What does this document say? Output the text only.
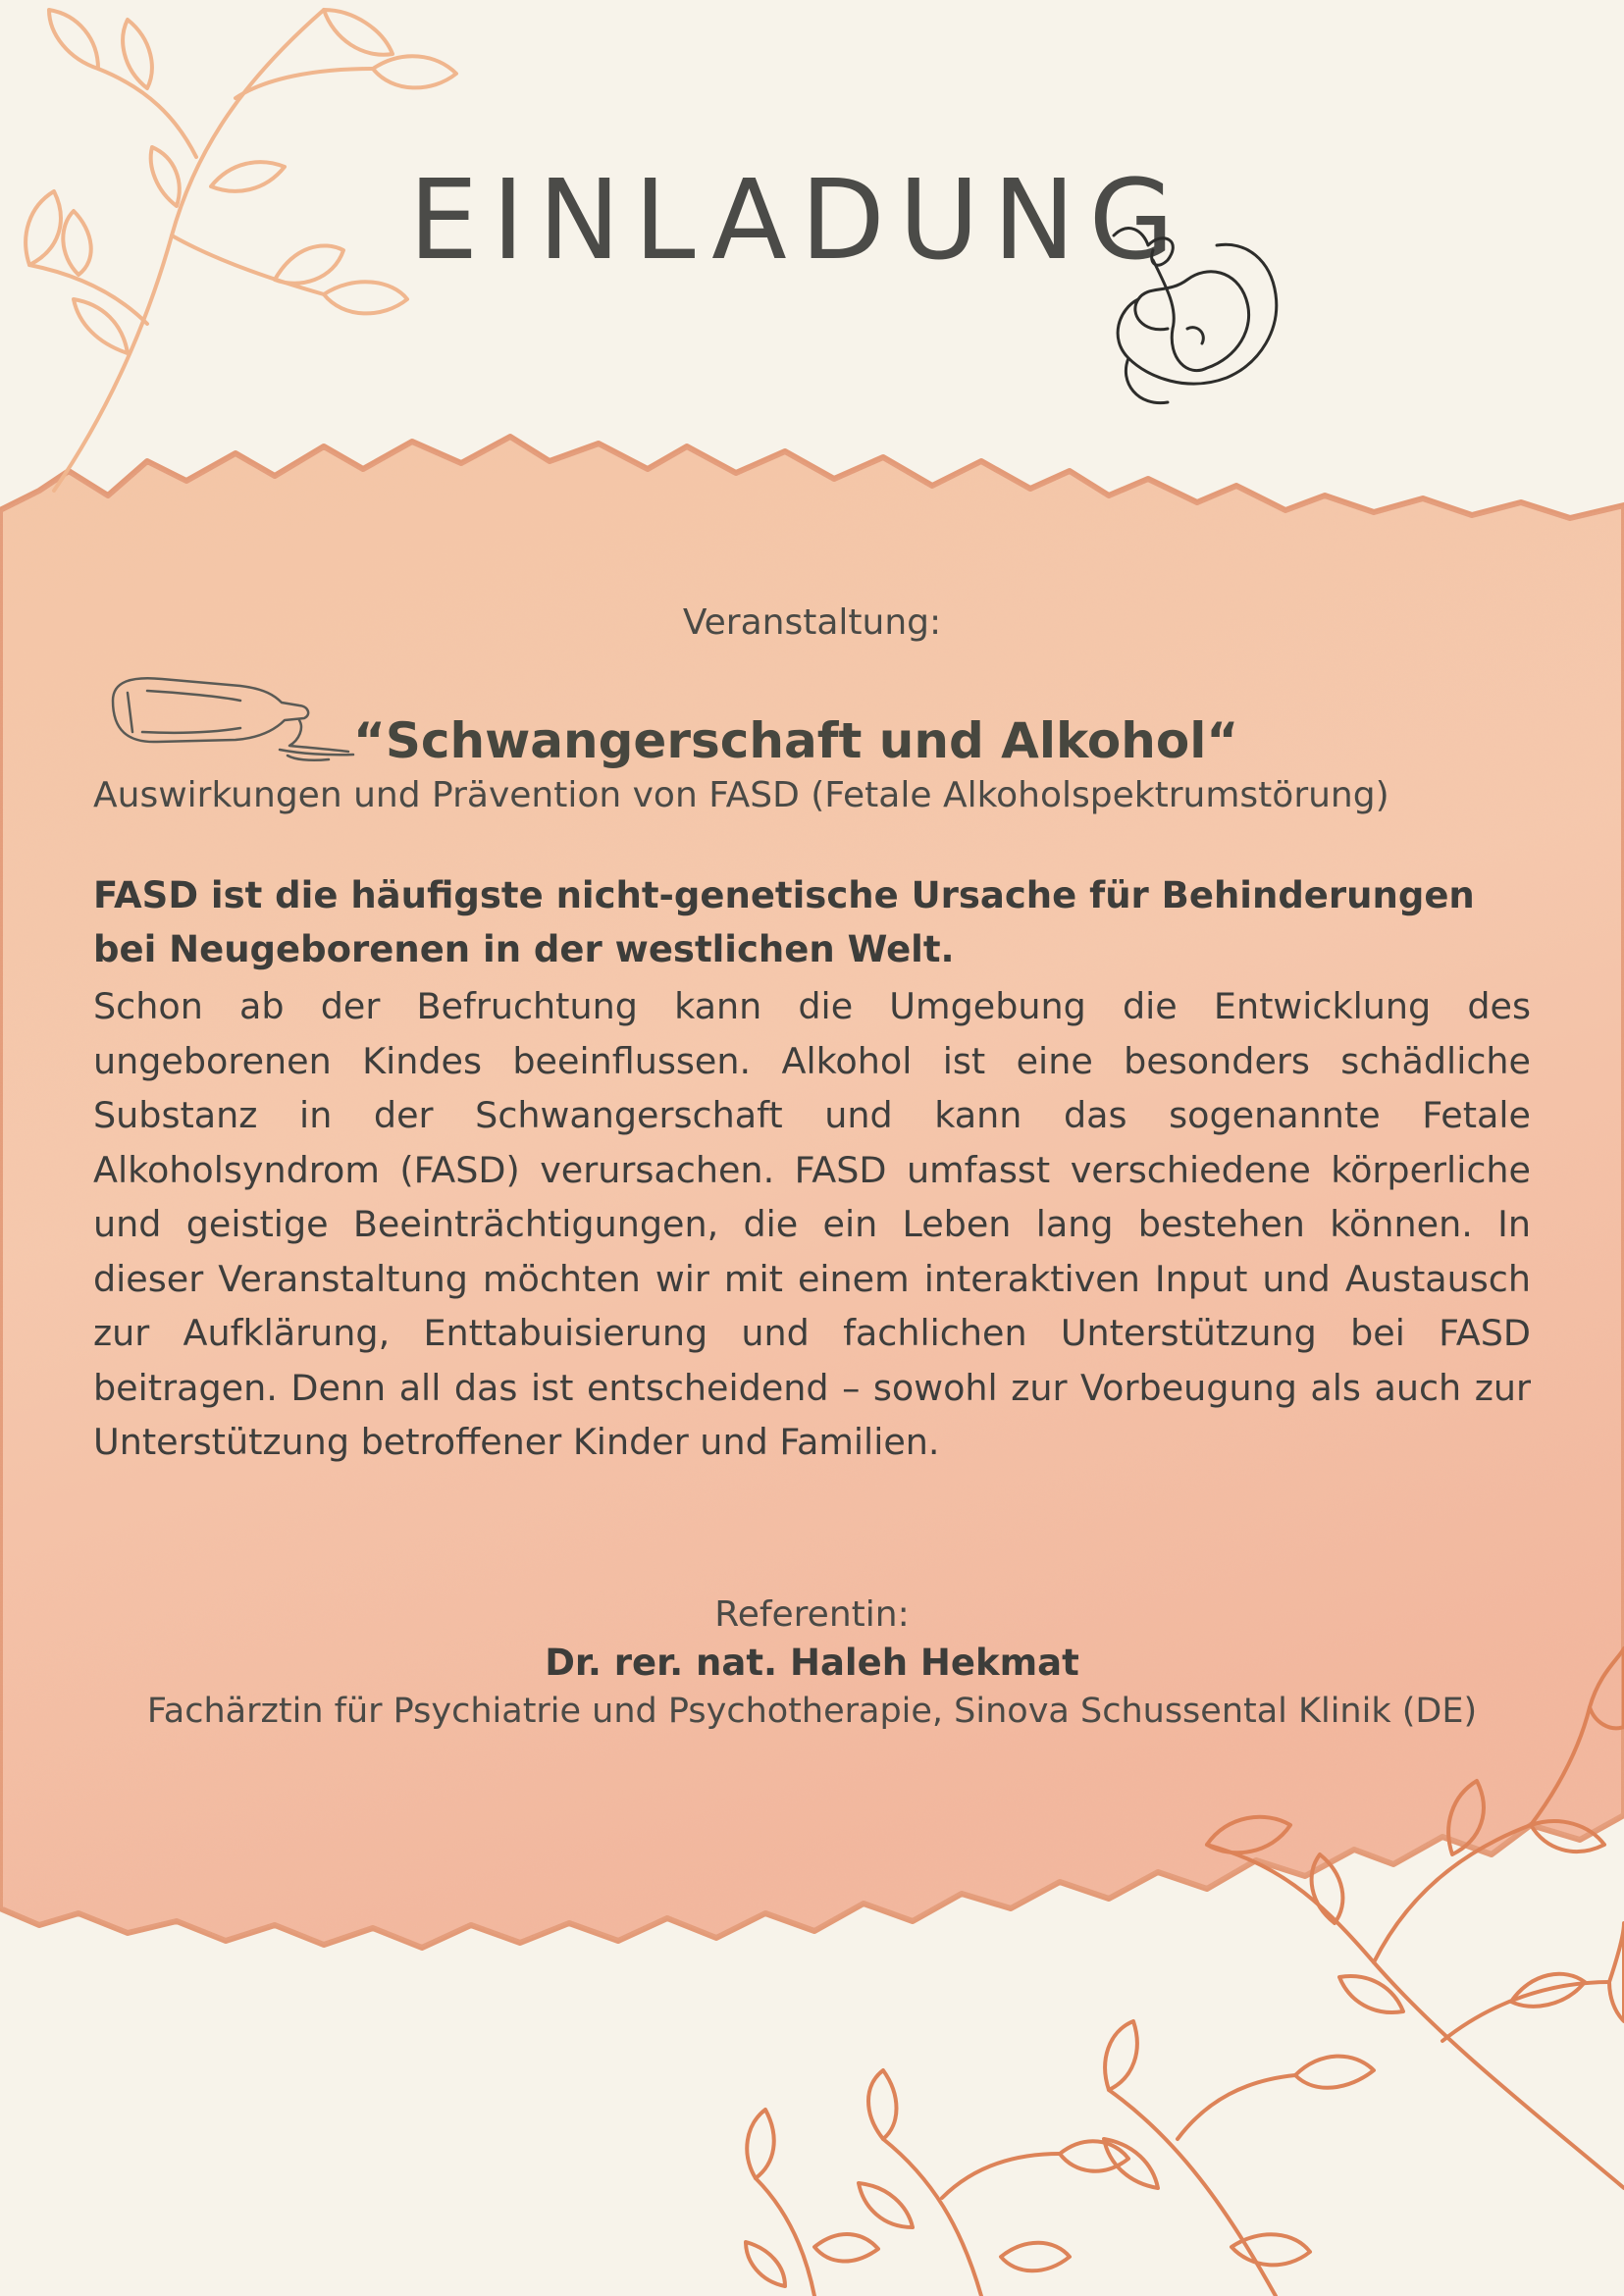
EINLADUNG

Veranstaltung:

“Schwangerschaft und Alkohol“

Auswirkungen und Prävention von FASD (Fetale Alkoholspektrumstörung)

FASD ist die häufigste nicht-genetische Ursache für Behinderungen bei Neugeborenen in der westlichen Welt.

Schon ab der Befruchtung kann die Umgebung die Entwicklung des ungeborenen Kindes beeinflussen. Alkohol ist eine besonders schädliche Substanz in der Schwangerschaft und kann das sogenannte Fetale Alkoholsyndrom (FASD) verursachen. FASD umfasst verschiedene körperliche und geistige Beeinträchtigungen, die ein Leben lang bestehen können. In dieser Veranstaltung möchten wir mit einem interaktiven Input und Austausch zur Aufklärung, Enttabuisierung und fachlichen Unterstützung bei FASD beitragen. Denn all das ist entscheidend – sowohl zur Vorbeugung als auch zur Unterstützung betroffener Kinder und Familien.

Referentin:

Dr. rer. nat. Haleh Hekmat

Fachärztin für Psychiatrie und Psychotherapie, Sinova Schussental Klinik (DE)
